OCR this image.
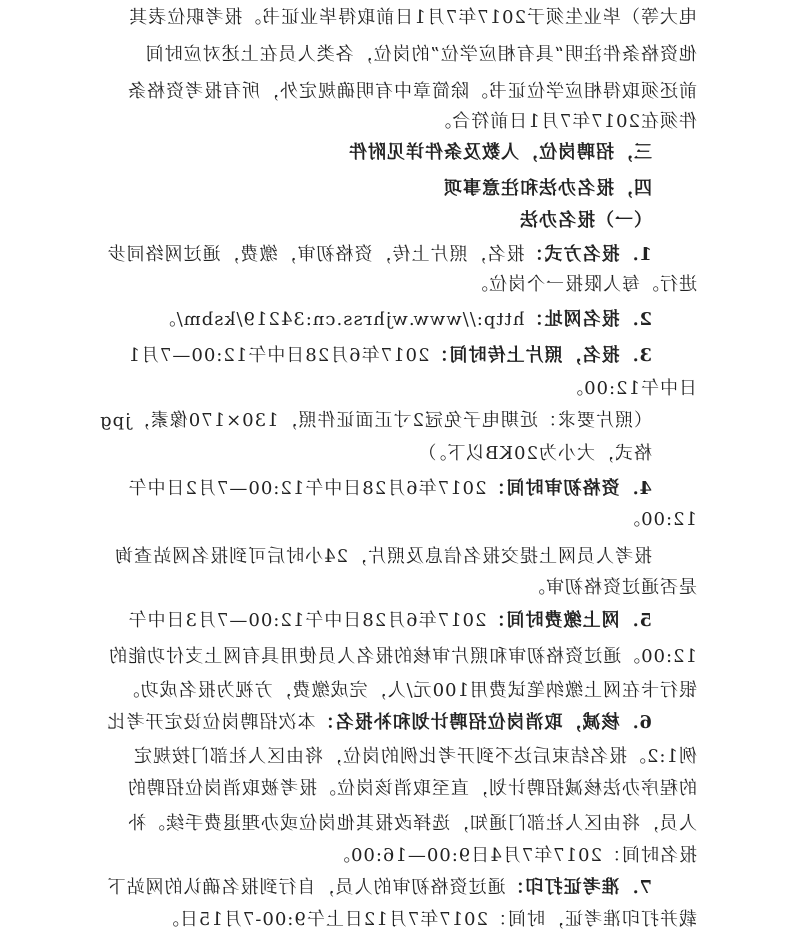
电大等）毕业生须于2017年7月1日前取得毕业证书。报考职位表其
他资格条件注明“具有相应学位”的岗位，各类人员在上述对应时间
前还须取得相应学位证书。除简章中有明确规定外，所有报考资格条
件须在2017年7月1日前符合。
三，招聘岗位，人数及条件详见附件
四，报名办法和注意事项
（一）报名办法
1．报名方式：报名，照片上传，资格初审，缴费，通过网络同步
进行。每人限报一个岗位。
2．报名网址：http://www.wjhrss.cn:34219/ksbm/。
3．报名，照片上传时间：2017年6月28日中午12:00—7月1
日中午12:00。
（照片要求：近期电子免冠2寸正面证件照，130×170像素，jpg
格式，大小为20KB以下。）
4．资格初审时间：2017年6月28日中午12:00—7月2日中午
12:00。
报考人员网上提交报名信息及照片，24小时后可到报名网站查询
是否通过资格初审。
5．网上缴费时间：2017年6月28日中午12:00—7月3日中午
12:00。通过资格初审和照片审核的报名人员使用具有网上支付功能的
银行卡在网上缴纳笔试费用100元/人，完成缴费，方视为报名成功。
6．核减，取消岗位招聘计划和补报名：本次招聘岗位设定开考比
例1:2。报名结束后达不到开考比例的岗位，将由区人社部门按规定
的程序办法核减招聘计划，直至取消该岗位。报考被取消岗位招聘的
人员，将由区人社部门通知，选择改报其他岗位或办理退费手续。补
报名时间：2017年7月4日9:00—16:00。
7．准考证打印：通过资格初审的人员，自行到报名确认的网站下
载并打印准考证，时间：2017年7月12日上午9:00-7月15日。
